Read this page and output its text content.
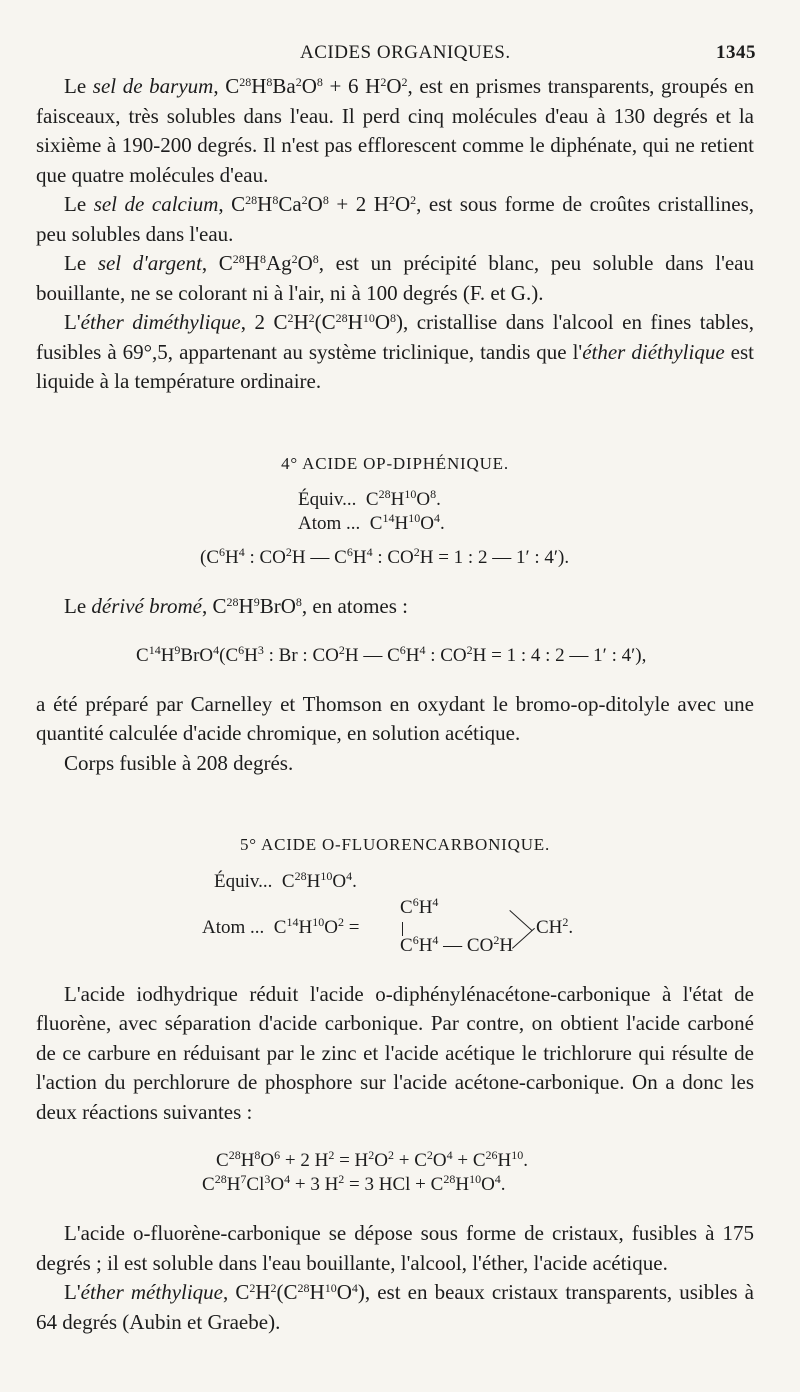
ACIDES ORGANIQUES.	1345

Le sel de baryum, $C^{28}H^8Ba^2O^8 + 6$ $H^2O^2$, est en prismes transparents, groupés en faisceaux, très solubles dans l'eau. Il perd cinq molécules d'eau à 130 degrés et la sixième à 190-200 degrés. Il n'est pas efflorescent comme le diphénate, qui ne retient que quatre molécules d'eau.

Le sel de calcium, $C^{28}H^8Ca^2O^8 + 2$ $H^2O^2$, est sous forme de croûtes cristallines, peu solubles dans l'eau.

Le sel d'argent, $C^{28}H^8Ag^2O^8$, est un précipité blanc, peu soluble dans l'eau bouillante, ne se colorant ni à l'air, ni à 100 degrés (F. et G.).

L'éther diméthylique, 2 $C^2H^2(C^{28}H^{10}O^8)$, cristallise dans l'alcool en fines tables, fusibles à 69°,5, appartenant au système triclinique, tandis que l'éther diéthylique est liquide à la température ordinaire.

4° ACIDE OP-DIPHÉNIQUE.
Équiv... $C^{28}H^{10}O^8$.
Atom ... $C^{14}H^{10}O^4$.
($C^6H^4$ : $CO^2H$ — $C^6H^4$ : $CO^2H = 1$ : 2 — 1′ : 4′).

Le dérivé bromé, $C^{28}H^9BrO^8$, en atomes :

$C^{14}H^9BrO^4(C^6H^3$ : Br : $CO^2H$ — $C^6H^4$ : $CO^2H = 1$ : 4 : 2 — 1′ : 4′),

a été préparé par Carnelley et Thomson en oxydant le bromo-op-ditolyle avec une quantité calculée d'acide chromique, en solution acétique.

Corps fusible à 208 degrés.

5° ACIDE O-FLUORENCARBONIQUE.
Équiv... $C^{28}H^{10}O^4$.
$C^6H^4$
Atom ... $C^{14}H^{10}O^2$ =	$CH^2$.
$C^6H^4$ — $CO^2H$

L'acide iodhydrique réduit l'acide o-diphénylénacétone-carbonique à l'état de fluorène, avec séparation d'acide carbonique. Par contre, on obtient l'acide carboné de ce carbure en réduisant par le zinc et l'acide acétique le trichlorure qui résulte de l'action du perchlorure de phosphore sur l'acide acétone-carbonique. On a donc les deux réactions suivantes :

$C^{28}H^8O^6 + 2$ $H^2 = H^2O^2 + C^2O^4 + C^{26}H^{10}$.
$C^{28}H^7Cl^3O^4 + 3$ $H^2 = 3$ HCl + $C^{28}H^{10}O^4$.

L'acide o-fluorène-carbonique se dépose sous forme de cristaux, fusibles à 175 degrés ; il est soluble dans l'eau bouillante, l'alcool, l'éther, l'acide acétique.

L'éther méthylique, $C^2H^2(C^{28}H^{10}O^4)$, est en beaux cristaux transparents, usibles à 64 degrés (Aubin et Graebe).
